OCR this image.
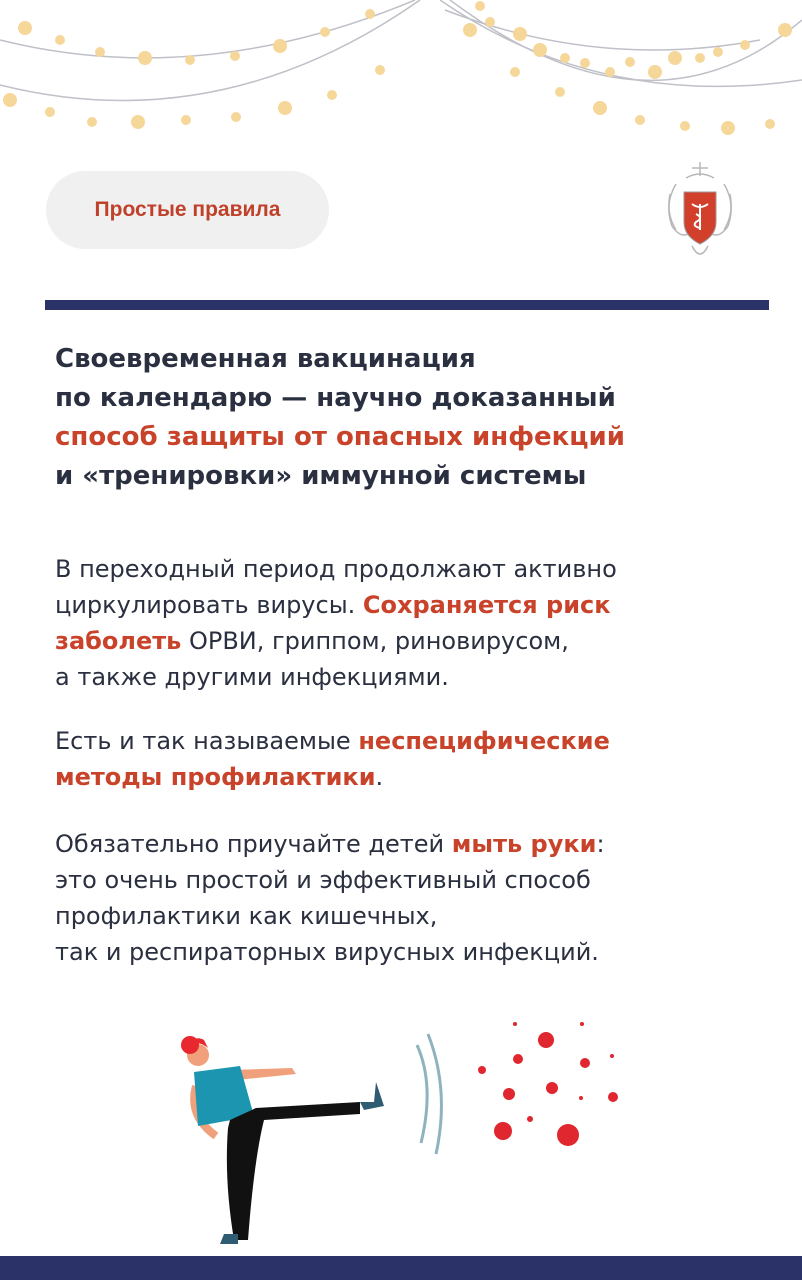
Простые правила
Своевременная вакцинация
по календарю — научно доказанный
способ защиты от опасных инфекций
и «тренировки» иммунной системы
В переходный период продолжают активно
циркулировать вирусы. Сохраняется риск
заболеть ОРВИ, гриппом, риновирусом,
а также другими инфекциями.
Есть и так называемые неспецифические
методы профилактики.
Обязательно приучайте детей мыть руки:
это очень простой и эффективный способ
профилактики как кишечных,
так и респираторных вирусных инфекций.
